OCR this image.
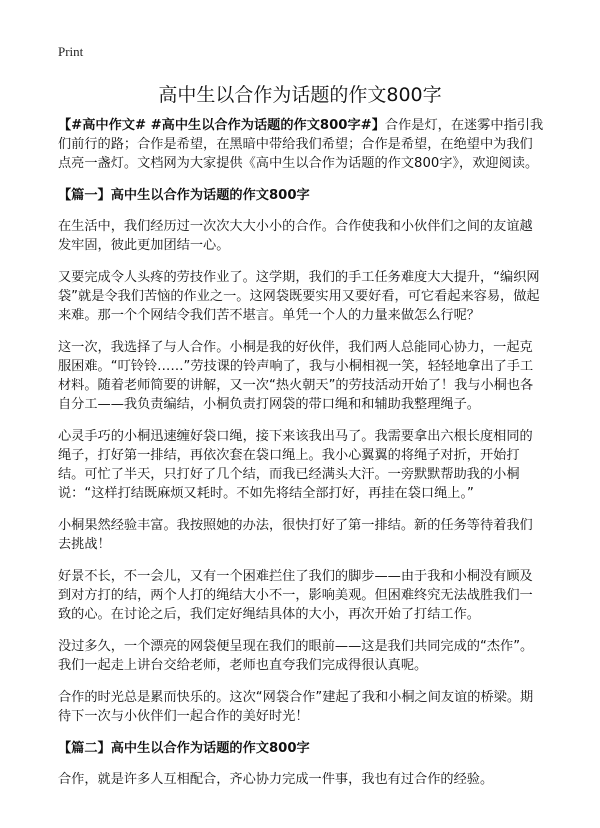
Print
高中生以合作为话题的作文800字

【#高中作文# #高中生以合作为话题的作文800字#】合作是灯，在迷雾中指引我们前行的路；合作是希望，在黑暗中带给我们希望；合作是希望，在绝望中为我们点亮一盏灯。文档网为大家提供《高中生以合作为话题的作文800字》，欢迎阅读。

【篇一】高中生以合作为话题的作文800字

在生活中，我们经历过一次次大大小小的合作。合作使我和小伙伴们之间的友谊越发牢固，彼此更加团结一心。

又要完成令人头疼的劳技作业了。这学期，我们的手工任务难度大大提升，“编织网袋”就是令我们苦恼的作业之一。这网袋既要实用又要好看，可它看起来容易，做起来难。那一个个网结令我们苦不堪言。单凭一个人的力量来做怎么行呢？

这一次，我选择了与人合作。小桐是我的好伙伴，我们两人总能同心协力，一起克服困难。“叮铃铃……”劳技课的铃声响了，我与小桐相视一笑，轻轻地拿出了手工材料。随着老师简要的讲解，又一次“热火朝天”的劳技活动开始了！我与小桐也各自分工——我负责编结，小桐负责打网袋的带口绳和和辅助我整理绳子。

心灵手巧的小桐迅速缠好袋口绳，接下来该我出马了。我需要拿出六根长度相同的绳子，打好第一排结，再依次套在袋口绳上。我小心翼翼的将绳子对折，开始打结。可忙了半天，只打好了几个结，而我已经满头大汗。一旁默默帮助我的小桐说：“这样打结既麻烦又耗时。不如先将结全部打好，再挂在袋口绳上。”

小桐果然经验丰富。我按照她的办法，很快打好了第一排结。新的任务等待着我们去挑战！

好景不长，不一会儿，又有一个困难拦住了我们的脚步——由于我和小桐没有顾及到对方打的结，两个人打的绳结大小不一，影响美观。但困难终究无法战胜我们一致的心。在讨论之后，我们定好绳结具体的大小，再次开始了打结工作。

没过多久，一个漂亮的网袋便呈现在我们的眼前——这是我们共同完成的“杰作”。我们一起走上讲台交给老师，老师也直夸我们完成得很认真呢。

合作的时光总是累而快乐的。这次“网袋合作”建起了我和小桐之间友谊的桥梁。期待下一次与小伙伴们一起合作的美好时光！

【篇二】高中生以合作为话题的作文800字

合作，就是许多人互相配合，齐心协力完成一件事，我也有过合作的经验。
